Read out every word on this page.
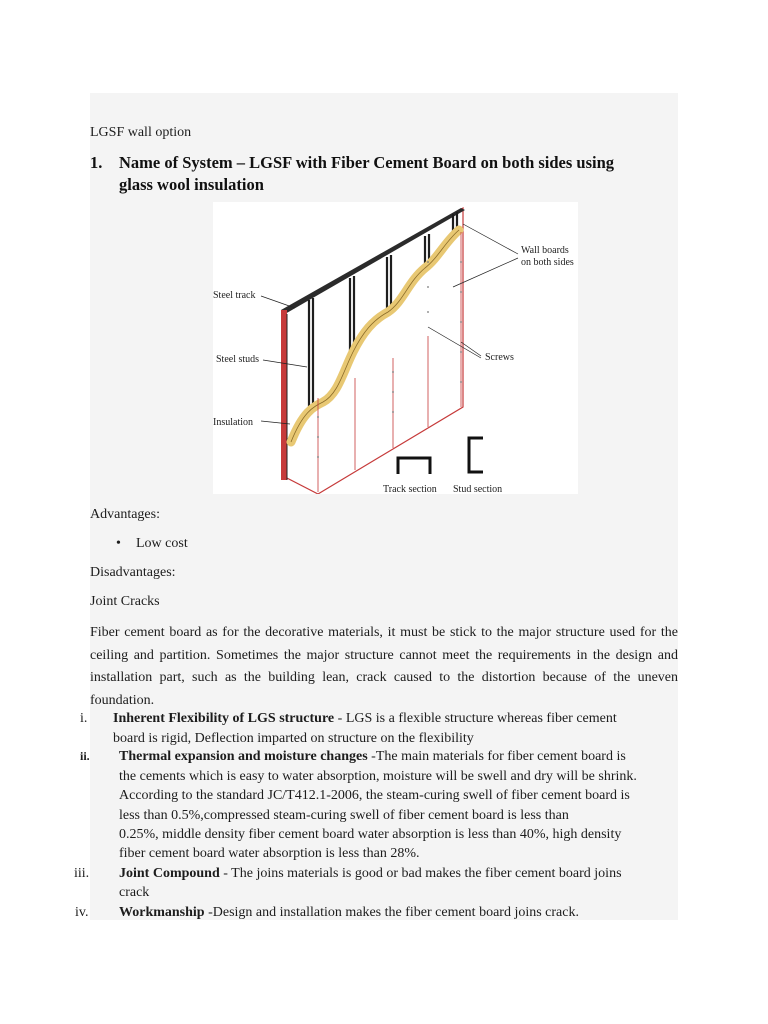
LGSF wall option
1. Name of System – LGSF with Fiber Cement Board on both sides using
glass wool insulation
Wall boards
on both sides
Steel track
Steel studs	Screws
Insulation
Track section Stud section
Advantages:
• Low cost
Disadvantages:
Joint Cracks
Fiber cement board as for the decorative materials, it must be stick to the major structure used for the ceiling and partition. Sometimes the major structure cannot meet the requirements in the design and installation part, such as the building lean, crack caused to the distortion because of the uneven foundation.
i. Inherent Flexibility of LGS structure - LGS is a flexible structure whereas fiber cement
board is rigid, Deflection imparted on structure on the flexibility
ii. Thermal expansion and moisture changes -The main materials for fiber cement board is
the cements which is easy to water absorption, moisture will be swell and dry will be shrink.
According to the standard JC/T412.1-2006, the steam-curing swell of fiber cement board is
less than 0.5%,compressed steam-curing swell of fiber cement board is less than
0.25%, middle density fiber cement board water absorption is less than 40%, high density
fiber cement board water absorption is less than 28%.
iii. Joint Compound - The joins materials is good or bad makes the fiber cement board joins
crack
iv. Workmanship -Design and installation makes the fiber cement board joins crack.
